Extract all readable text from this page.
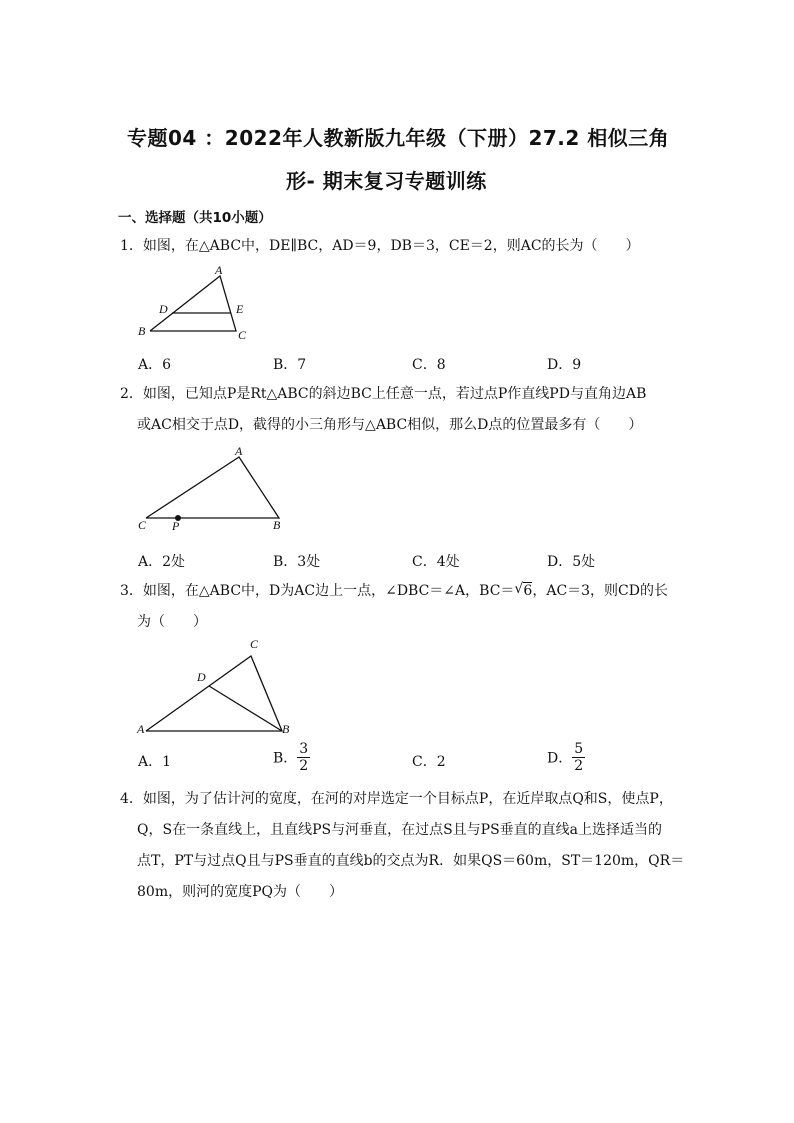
专题04 ：2022年人教新版九年级（下册）27.2 相似三角
形- 期末复习专题训练
一、选择题（共10小题）
1．如图，在△ABC中，DE∥BC，AD＝9，DB＝3，CE＝2，则AC的长为（　　）
A
D	E
B	C
A．6	B．7	C．8	D．9
2．如图，已知点P是Rt△ABC的斜边BC上任意一点，若过点P作直线PD与直角边AB
或AC相交于点D，截得的小三角形与△ABC相似，那么D点的位置最多有（　　）
A
C P	B
A．2处	B．3处	C．4处	D．5处
3．如图，在△ABC中，D为AC边上一点，∠DBC＝∠A，BC＝ √ 6，AC＝3，则CD的长
为（　　）
C
D
A	B
A．1	B． $\frac{3}{2}$	C．2	D． $\frac{5}{2}$
4．如图，为了估计河的宽度，在河的对岸选定一个目标点P，在近岸取点Q和S，使点P，
Q，S在一条直线上，且直线PS与河垂直，在过点S且与PS垂直的直线a上选择适当的
点T，PT与过点Q且与PS垂直的直线b的交点为R．如果QS＝60m，ST＝120m，QR＝
80m，则河的宽度PQ为（　　）
